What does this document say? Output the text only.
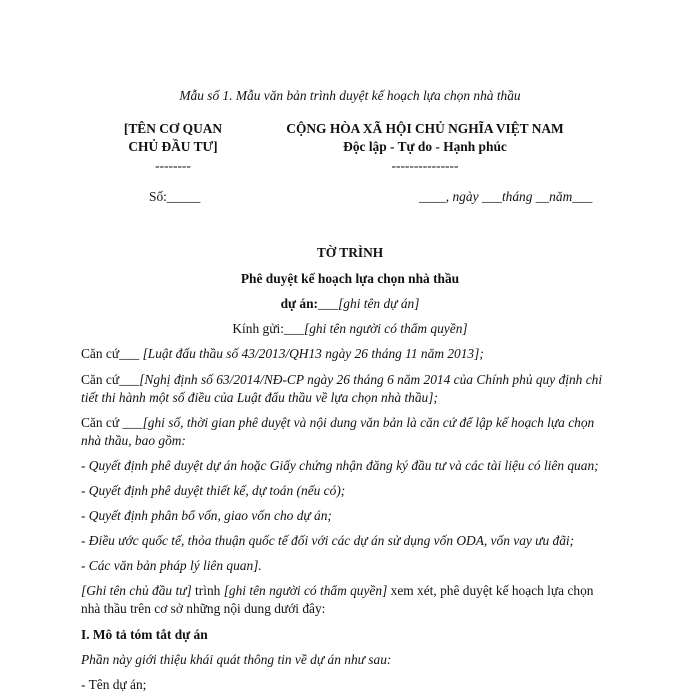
Mẫu số 1. Mẫu văn bản trình duyệt kế hoạch lựa chọn nhà thầu
[TÊN CƠ QUAN
CHỦ ĐẦU TƯ]
--------
CỘNG HÒA XÃ HỘI CHỦ NGHĨA VIỆT NAM
Độc lập - Tự do - Hạnh phúc
---------------
Số:_____	____, ngày ___tháng __năm___
TỜ TRÌNH
Phê duyệt kế hoạch lựa chọn nhà thầu
dự án:___[ghi tên dự án]
Kính gửi:___[ghi tên người có thẩm quyền]
Căn cứ___ [Luật đấu thầu số 43/2013/QH13 ngày 26 tháng 11 năm 2013];
Căn cứ___[Nghị định số 63/2014/NĐ-CP ngày 26 tháng 6 năm 2014 của Chính phủ quy định chi
tiết thi hành một số điều của Luật đấu thầu về lựa chọn nhà thầu];
Căn cứ ___[ghi số, thời gian phê duyệt và nội dung văn bản là căn cứ để lập kế hoạch lựa chọn
nhà thầu, bao gồm:
- Quyết định phê duyệt dự án hoặc Giấy chứng nhận đăng ký đầu tư và các tài liệu có liên quan;
- Quyết định phê duyệt thiết kế, dự toán (nếu có);
- Quyết định phân bổ vốn, giao vốn cho dự án;
- Điều ước quốc tế, thỏa thuận quốc tế đối với các dự án sử dụng vốn ODA, vốn vay ưu đãi;
- Các văn bản pháp lý liên quan].
[Ghi tên chủ đầu tư] trình [ghi tên người có thẩm quyền] xem xét, phê duyệt kế hoạch lựa chọn
nhà thầu trên cơ sở những nội dung dưới đây:
I. Mô tả tóm tắt dự án
Phần này giới thiệu khái quát thông tin về dự án như sau:
- Tên dự án;
